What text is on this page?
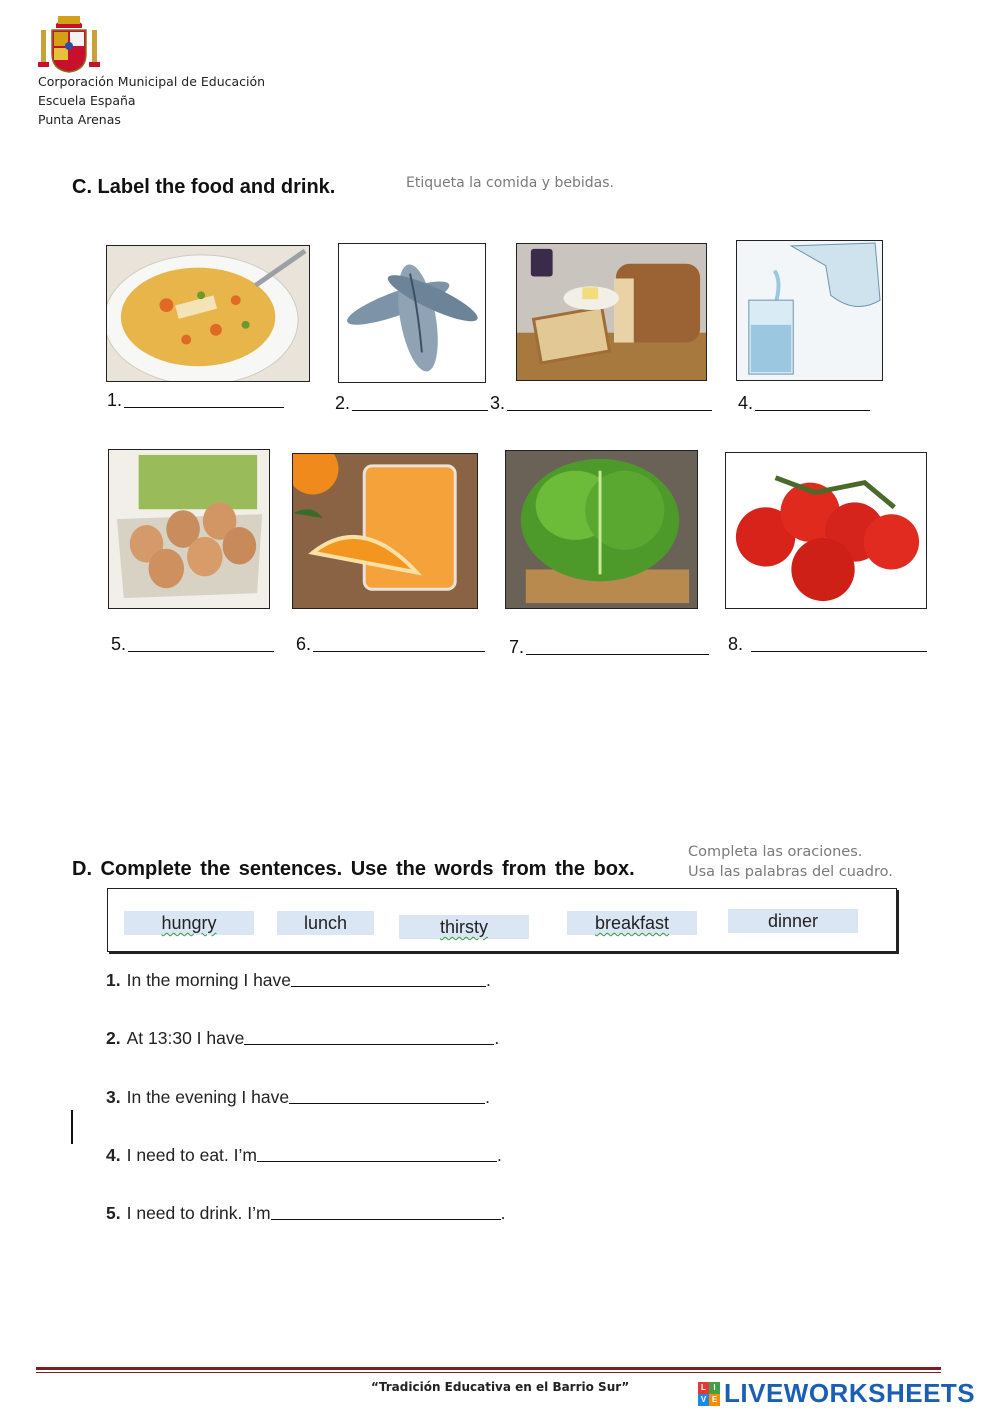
Corporación Municipal de Educación
Escuela España
Punta Arenas
C. Label the food and drink.	Etiqueta la comida y bebidas.
1.	2.	3.	4.
5.	6.	7.	8.
D. Complete the sentences. Use the words from the box.
Completa las oraciones.
Usa las palabras del cuadro.
hungry	lunch	thirsty	breakfast	dinner
1. In the morning I have	.
2. At 13:30 I have	.
3. In the evening I have	.
4. I need to eat. I’m	.
5. I need to drink. I’m	.
“Tradición Educativa en el Barrio Sur”	L I
V E LIVEWORKSHEETS
